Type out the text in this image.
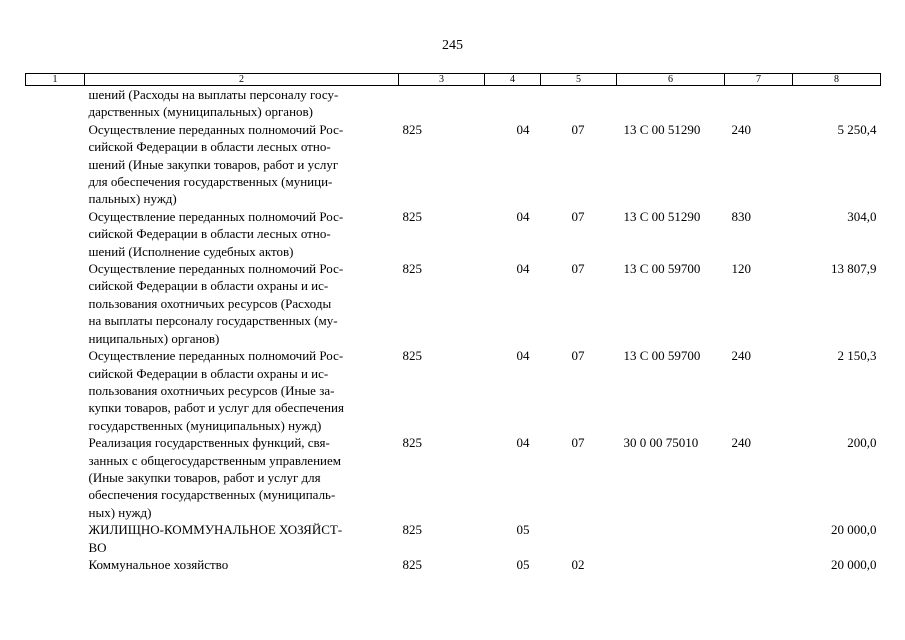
245
1	2	3	4	5	6	7	8
	шений (Расходы на выплаты персоналу госу-
дарственных (муниципальных) органов)						
	Осуществление переданных полномочий Рос-
сийской Федерации в области лесных отно-
шений (Иные закупки товаров, работ и услуг
для обеспечения государственных (муници-
пальных) нужд)	825	04	07	13 С 00 51290	240	5 250,4
	Осуществление переданных полномочий Рос-
сийской Федерации в области лесных отно-
шений (Исполнение судебных актов)	825	04	07	13 С 00 51290	830	304,0
	Осуществление переданных полномочий Рос-
сийской Федерации в области охраны и ис-
пользования охотничьих ресурсов (Расходы
на выплаты персоналу государственных (му-
ниципальных) органов)	825	04	07	13 С 00 59700	120	13 807,9
	Осуществление переданных полномочий Рос-
сийской Федерации в области охраны и ис-
пользования охотничьих ресурсов (Иные за-
купки товаров, работ и услуг для обеспечения
государственных (муниципальных) нужд)	825	04	07	13 С 00 59700	240	2 150,3
	Реализация государственных функций, свя-
занных с общегосударственным управлением
(Иные закупки товаров, работ и услуг для
обеспечения государственных (муниципаль-
ных) нужд)	825	04	07	30 0 00 75010	240	200,0
	ЖИЛИЩНО-КОММУНАЛЬНОЕ ХОЗЯЙСТ-
ВО	825	05				20 000,0
	Коммунальное хозяйство	825	05	02			20 000,0
